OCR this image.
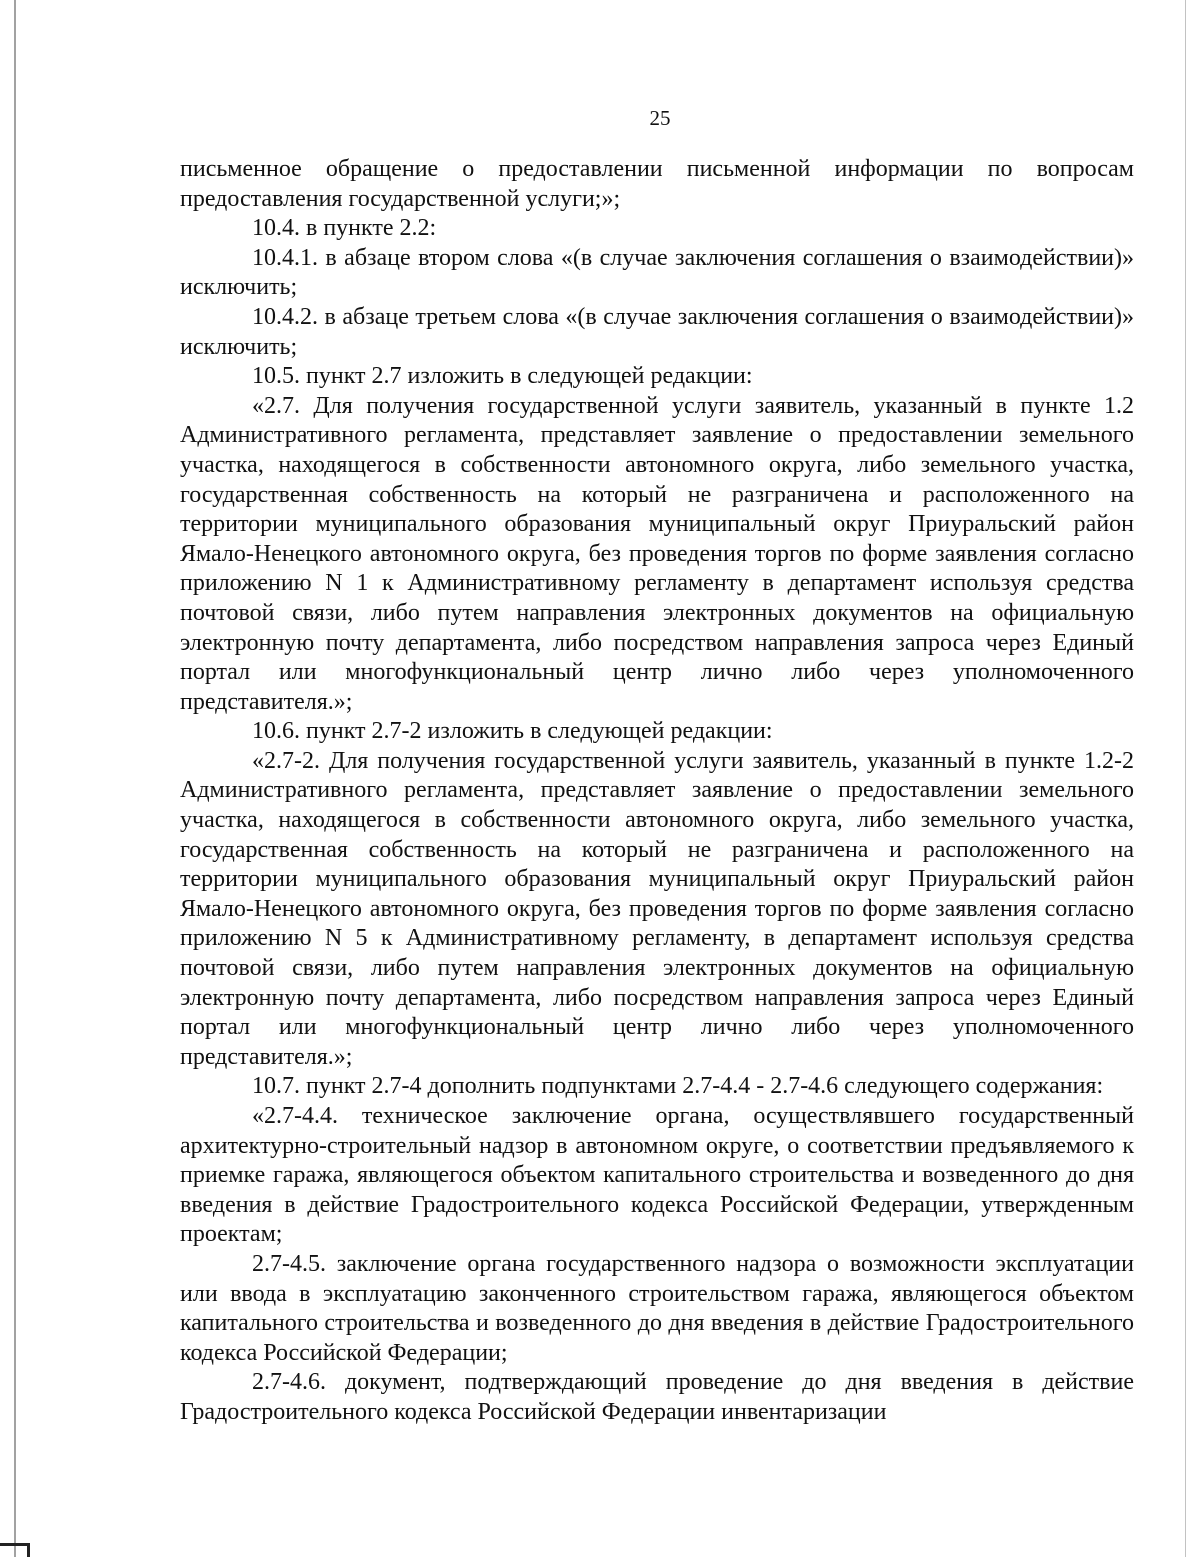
25

письменное обращение о предоставлении письменной информации по вопросам предоставления государственной услуги;»;

10.4. в пункте 2.2:

10.4.1. в абзаце втором слова «(в случае заключения соглашения о взаимодействии)» исключить;

10.4.2. в абзаце третьем слова «(в случае заключения соглашения о взаимодействии)» исключить;

10.5. пункт 2.7 изложить в следующей редакции:

«2.7. Для получения государственной услуги заявитель, указанный в пункте 1.2 Административного регламента, представляет заявление о предоставлении земельного участка, находящегося в собственности автономного округа, либо земельного участка, государственная собственность на который не разграничена и расположенного на территории муниципального образования муниципальный округ Приуральский район Ямало-Ненецкого автономного округа, без проведения торгов по форме заявления согласно приложению N 1 к Административному регламенту в департамент используя средства почтовой связи, либо путем направления электронных документов на официальную электронную почту департамента, либо посредством направления запроса через Единый портал или многофункциональный центр лично либо через уполномоченного представителя.»;

10.6. пункт 2.7-2 изложить в следующей редакции:

«2.7-2. Для получения государственной услуги заявитель, указанный в пункте 1.2-2 Административного регламента, представляет заявление о предоставлении земельного участка, находящегося в собственности автономного округа, либо земельного участка, государственная собственность на который не разграничена и расположенного на территории муниципального образования муниципальный округ Приуральский район Ямало-Ненецкого автономного округа, без проведения торгов по форме заявления согласно приложению N 5 к Административному регламенту, в департамент используя средства почтовой связи, либо путем направления электронных документов на официальную электронную почту департамента, либо посредством направления запроса через Единый портал или многофункциональный центр лично либо через уполномоченного представителя.»;

10.7. пункт 2.7-4 дополнить подпунктами 2.7-4.4 - 2.7-4.6 следующего содержания:

«2.7-4.4. техническое заключение органа, осуществлявшего государственный архитектурно-строительный надзор в автономном округе, о соответствии предъявляемого к приемке гаража, являющегося объектом капитального строительства и возведенного до дня введения в действие Градостроительного кодекса Российской Федерации, утвержденным проектам;

2.7-4.5. заключение органа государственного надзора о возможности эксплуатации или ввода в эксплуатацию законченного строительством гаража, являющегося объектом капитального строительства и возведенного до дня введения в действие Градостроительного кодекса Российской Федерации;

2.7-4.6. документ, подтверждающий проведение до дня введения в действие Градостроительного кодекса Российской Федерации инвентаризации
